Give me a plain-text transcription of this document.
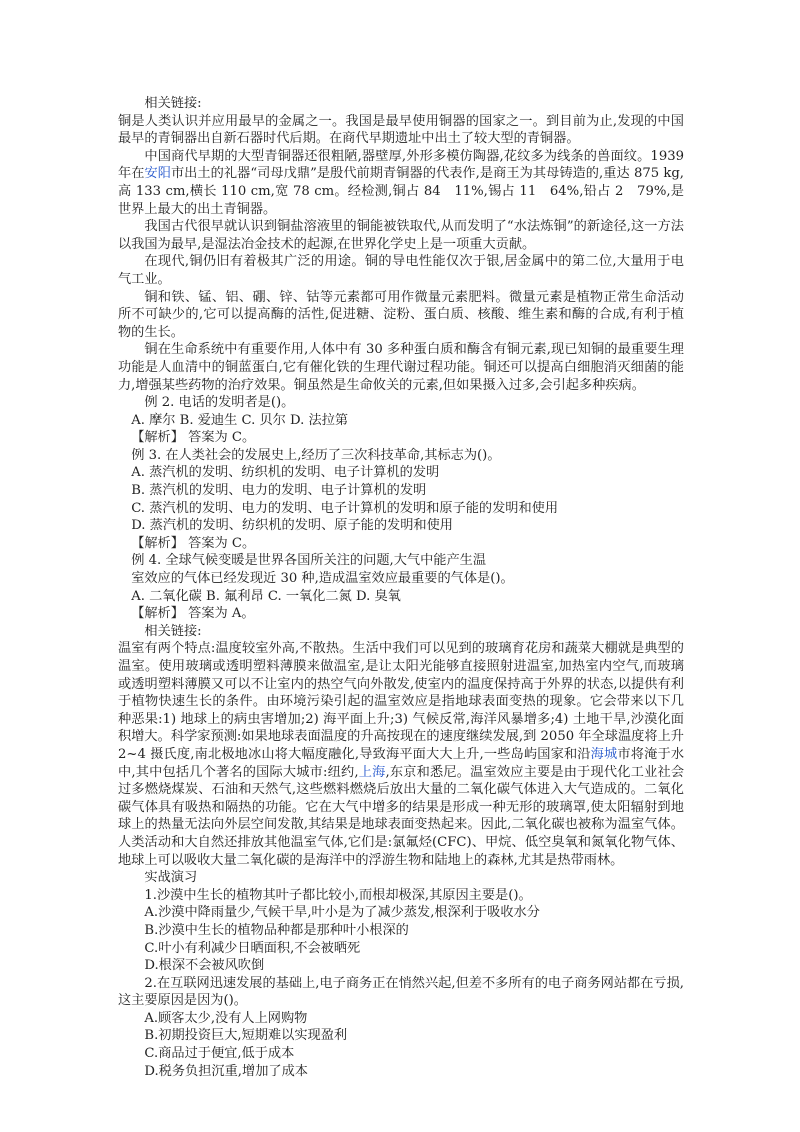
相关链接:

铜是人类认识并应用最早的金属之一。我国是最早使用铜器的国家之一。到目前为止,发现的中国最早的青铜器出自新石器时代后期。在商代早期遗址中出土了较大型的青铜器。

中国商代早期的大型青铜器还很粗陋,器壁厚,外形多模仿陶器,花纹多为线条的兽面纹。1939 年在安阳市出土的礼器“司母戊鼎”是殷代前期青铜器的代表作,是商王为其母铸造的,重达 875 kg,高 133 cm,横长 110 cm,宽 78 cm。经检测,铜占 84　11%,锡占 11　64%,铅占 2　79%,是世界上最大的出土青铜器。

我国古代很早就认识到铜盐溶液里的铜能被铁取代,从而发明了“水法炼铜”的新途径,这一方法以我国为最早,是湿法冶金技术的起源,在世界化学史上是一项重大贡献。

在现代,铜仍旧有着极其广泛的用途。铜的导电性能仅次于银,居金属中的第二位,大量用于电气工业。

铜和铁、锰、铝、硼、锌、钴等元素都可用作微量元素肥料。微量元素是植物正常生命活动所不可缺少的,它可以提高酶的活性,促进糖、淀粉、蛋白质、核酸、维生素和酶的合成,有利于植物的生长。

铜在生命系统中有重要作用,人体中有 30 多种蛋白质和酶含有铜元素,现已知铜的最重要生理功能是人血清中的铜蓝蛋白,它有催化铁的生理代谢过程功能。铜还可以提高白细胞消灭细菌的能力,增强某些药物的治疗效果。铜虽然是生命攸关的元素,但如果摄入过多,会引起多种疾病。

例 2. 电话的发明者是()。

A. 摩尔 B. 爱迪生 C. 贝尔 D. 法拉第

【解析】 答案为 C。

例 3. 在人类社会的发展史上,经历了三次科技革命,其标志为()。

A. 蒸汽机的发明、纺织机的发明、电子计算机的发明

B. 蒸汽机的发明、电力的发明、电子计算机的发明

C. 蒸汽机的发明、电力的发明、电子计算机的发明和原子能的发明和使用

D. 蒸汽机的发明、纺织机的发明、原子能的发明和使用

【解析】 答案为 C。

例 4. 全球气候变暖是世界各国所关注的问题,大气中能产生温

室效应的气体已经发现近 30 种,造成温室效应最重要的气体是()。

A. 二氧化碳 B. 氟利昂 C. 一氧化二氮 D. 臭氧

【解析】 答案为 A。

相关链接:

温室有两个特点:温度较室外高,不散热。生活中我们可以见到的玻璃育花房和蔬菜大棚就是典型的温室。使用玻璃或透明塑料薄膜来做温室,是让太阳光能够直接照射进温室,加热室内空气,而玻璃或透明塑料薄膜又可以不让室内的热空气向外散发,使室内的温度保持高于外界的状态,以提供有利于植物快速生长的条件。由环境污染引起的温室效应是指地球表面变热的现象。它会带来以下几种恶果:1) 地球上的病虫害增加;2) 海平面上升;3) 气候反常,海洋风暴增多;4) 土地干旱,沙漠化面积增大。科学家预测:如果地球表面温度的升高按现在的速度继续发展,到 2050 年全球温度将上升 2~4 摄氏度,南北极地冰山将大幅度融化,导致海平面大大上升,一些岛屿国家和沿海城市将淹于水中,其中包括几个著名的国际大城市:纽约,上海,东京和悉尼。温室效应主要是由于现代化工业社会过多燃烧煤炭、石油和天然气,这些燃料燃烧后放出大量的二氧化碳气体进入大气造成的。二氧化碳气体具有吸热和隔热的功能。它在大气中增多的结果是形成一种无形的玻璃罩,使太阳辐射到地球上的热量无法向外层空间发散,其结果是地球表面变热起来。因此,二氧化碳也被称为温室气体。人类活动和大自然还排放其他温室气体,它们是:氯氟烃(CFC)、甲烷、低空臭氧和氮氧化物气体、地球上可以吸收大量二氧化碳的是海洋中的浮游生物和陆地上的森林,尤其是热带雨林。

实战演习

1.沙漠中生长的植物其叶子都比较小,而根却极深,其原因主要是()。

A.沙漠中降雨量少,气候干旱,叶小是为了减少蒸发,根深利于吸收水分

B.沙漠中生长的植物品种都是那种叶小根深的

C.叶小有利减少日晒面积,不会被晒死

D.根深不会被风吹倒

2.在互联网迅速发展的基础上,电子商务正在悄然兴起,但差不多所有的电子商务网站都在亏损,这主要原因是因为()。

A.顾客太少,没有人上网购物

B.初期投资巨大,短期难以实现盈利

C.商品过于便宜,低于成本

D.税务负担沉重,增加了成本
